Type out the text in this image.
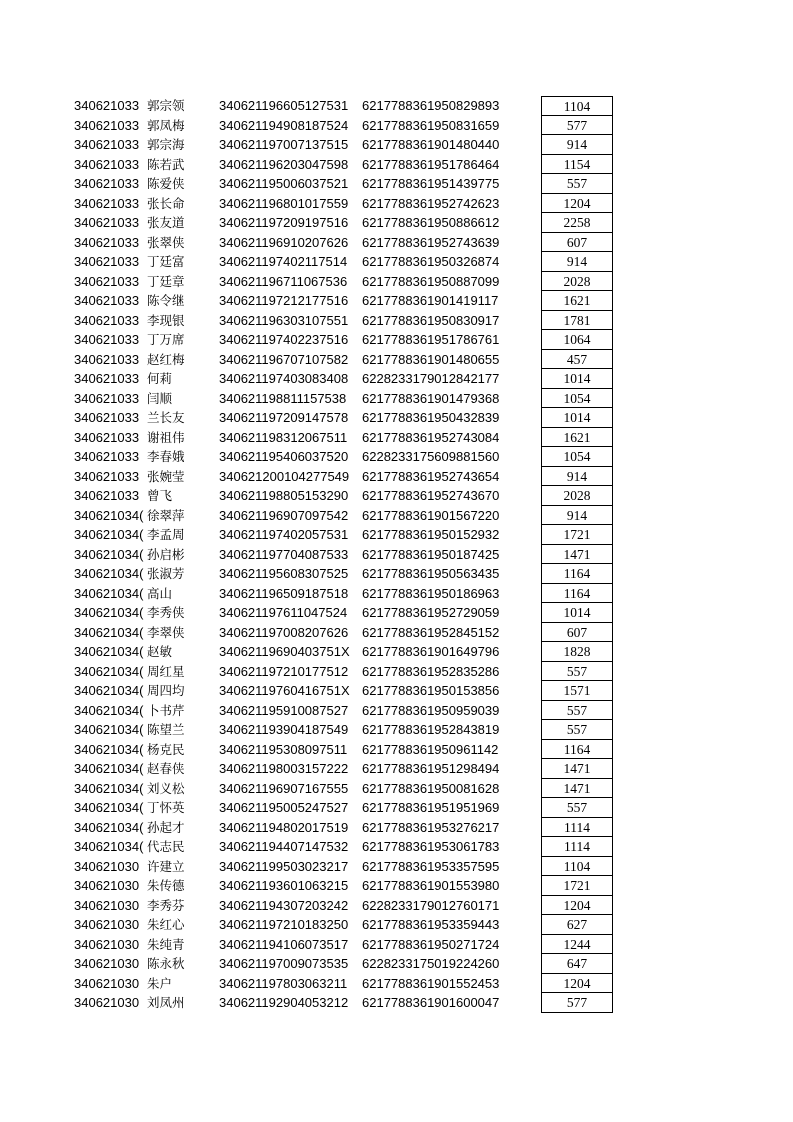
340621033 郭宗领	340621196605127531	6217788361950829893	1104
340621033 郭凤梅	340621194908187524	6217788361950831659	577
340621033 郭宗海	340621197007137515	6217788361901480440	914
340621033 陈若武	340621196203047598	6217788361951786464	1154
340621033 陈爱侠	340621195006037521	6217788361951439775	557
340621033 张长命	340621196801017559	6217788361952742623	1204
340621033 张友道	340621197209197516	6217788361950886612	2258
340621033 张翠侠	340621196910207626	6217788361952743639	607
340621033 丁廷富	340621197402117514	6217788361950326874	914
340621033 丁廷章	340621196711067536	6217788361950887099	2028
340621033 陈令继	340621197212177516	6217788361901419117	1621
340621033 李现银	340621196303107551	6217788361950830917	1781
340621033 丁万席	340621197402237516	6217788361951786761	1064
340621033 赵红梅	340621196707107582	6217788361901480655	457
340621033 何莉	340621197403083408	6228233179012842177	1014
340621033 闫顺	340621198811157538	6217788361901479368	1054
340621033 兰长友	340621197209147578	6217788361950432839	1014
340621033 谢祖伟	340621198312067511	6217788361952743084	1621
340621033 李春娥	340621195406037520	6228233175609881560	1054
340621033 张婉莹	340621200104277549 6217788361952743654	914
340621033 曾飞	340621198805153290	6217788361952743670	2028
340621034( 徐翠萍	340621196907097542	6217788361901567220	914
340621034( 李孟周	340621197402057531	6217788361950152932	1721
340621034( 孙启彬	340621197704087533	6217788361950187425	1471
340621034( 张淑芳	340621195608307525	6217788361950563435	1164
340621034( 高山	340621196509187518	6217788361950186963	1164
340621034( 李秀侠	340621197611047524	6217788361952729059	1014
340621034( 李翠侠	340621197008207626	6217788361952845152	607
340621034( 赵敏	34062119690403751X 6217788361901649796	1828
340621034( 周红星	340621197210177512	6217788361952835286	557
340621034( 周四均	34062119760416751X 6217788361950153856	1571
340621034( 卜书芹	340621195910087527	6217788361950959039	557
340621034( 陈望兰	340621193904187549	6217788361952843819	557
340621034( 杨克民	340621195308097511	6217788361950961142	1164
340621034( 赵春侠	340621198003157222	6217788361951298494	1471
340621034( 刘义松	340621196907167555	6217788361950081628	1471
340621034( 丁怀英	340621195005247527	6217788361951951969	557
340621034( 孙起才	340621194802017519	6217788361953276217	1114
340621034( 代志民	340621194407147532	6217788361953061783	1114
340621030 许建立	340621199503023217	6217788361953357595	1104
340621030 朱传德	340621193601063215	6217788361901553980	1721
340621030 李秀芬	340621194307203242	6228233179012760171	1204
340621030 朱红心	340621197210183250	6217788361953359443	627
340621030 朱纯青	340621194106073517	6217788361950271724	1244
340621030 陈永秋	340621197009073535	6228233175019224260	647
340621030 朱户	340621197803063211	6217788361901552453	1204
340621030 刘凤州	340621192904053212	6217788361901600047	577
